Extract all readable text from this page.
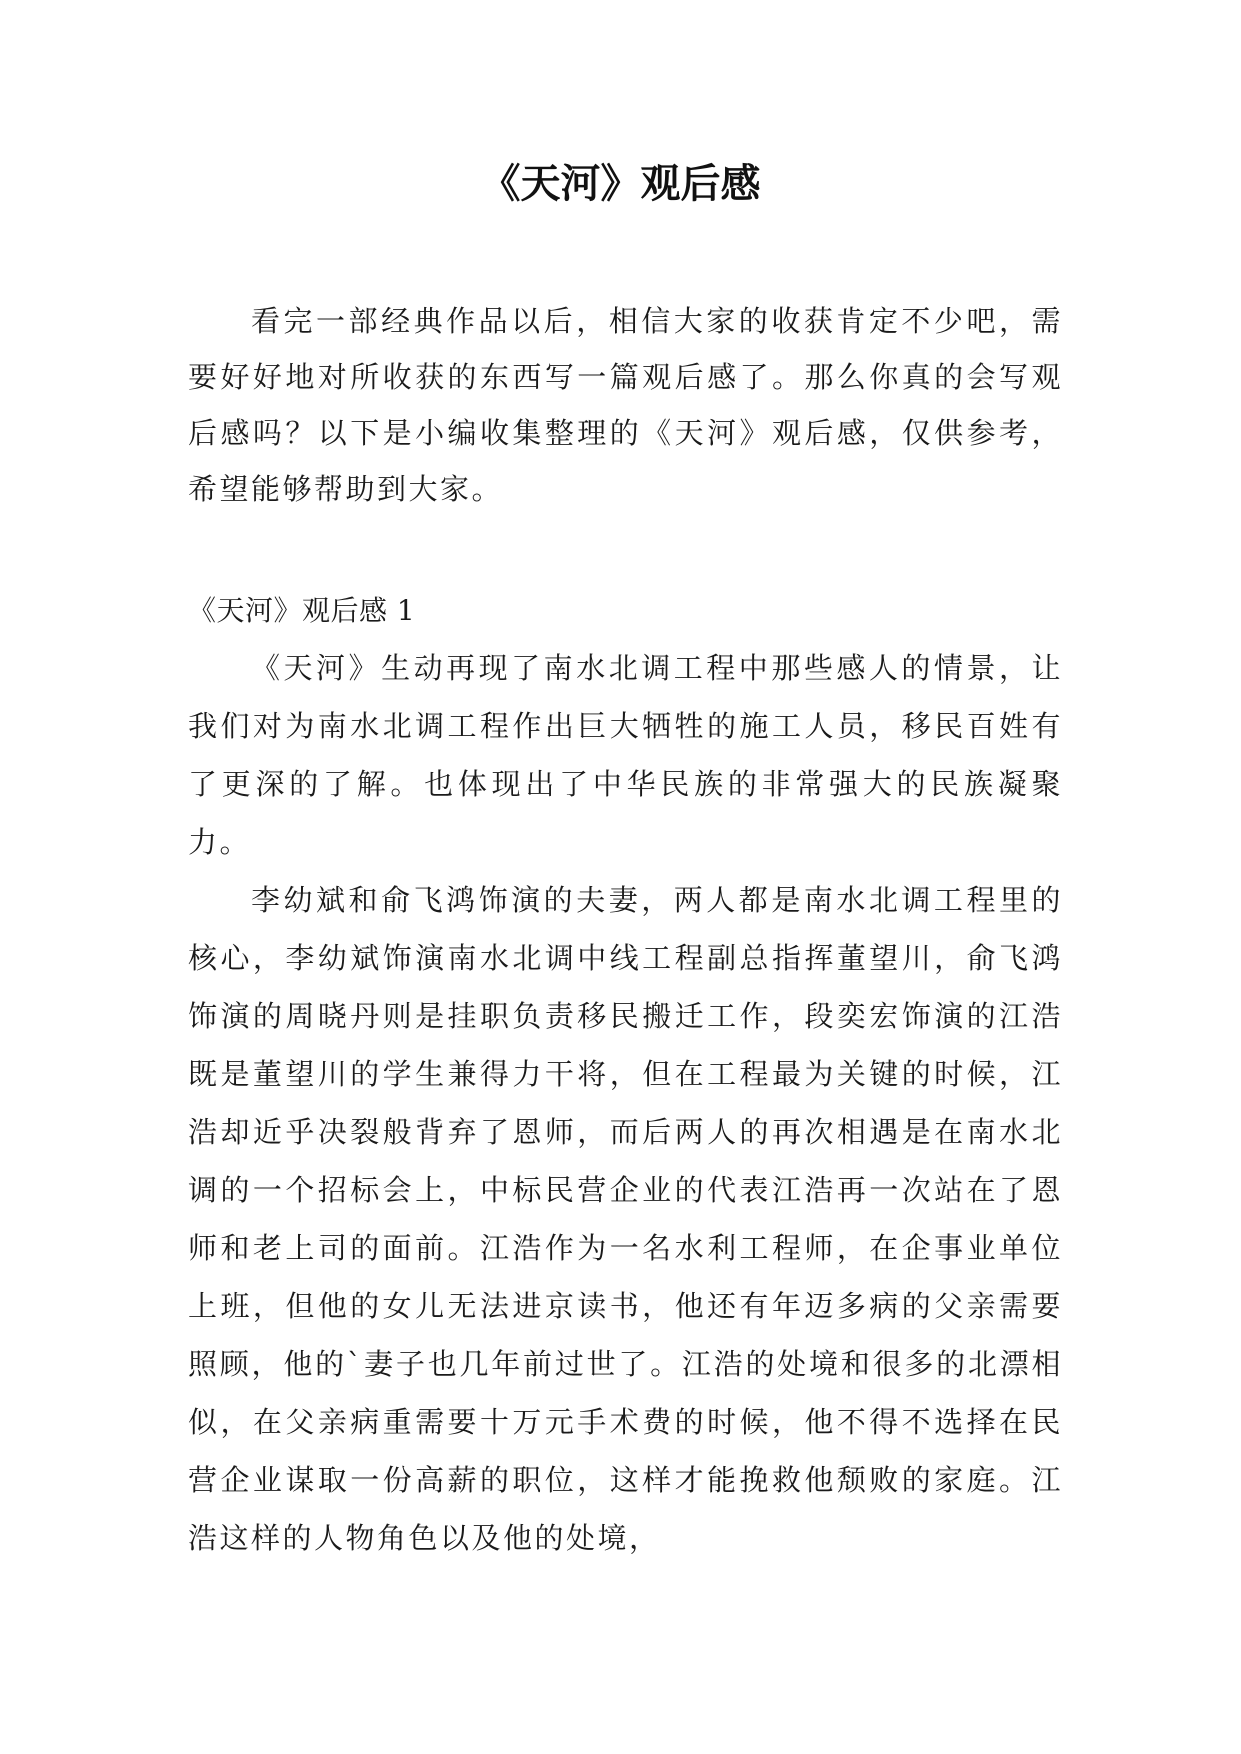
《天河》观后感

看完一部经典作品以后，相信大家的收获肯定不少吧，需要好好地对所收获的东西写一篇观后感了。那么你真的会写观后感吗？以下是小编收集整理的《天河》观后感，仅供参考，希望能够帮助到大家。

《天河》观后感 1

《天河》生动再现了南水北调工程中那些感人的情景，让我们对为南水北调工程作出巨大牺牲的施工人员，移民百姓有了更深的了解。也体现出了中华民族的非常强大的民族凝聚力。

李幼斌和俞飞鸿饰演的夫妻，两人都是南水北调工程里的核心，李幼斌饰演南水北调中线工程副总指挥董望川，俞飞鸿饰演的周晓丹则是挂职负责移民搬迁工作，段奕宏饰演的江浩既是董望川的学生兼得力干将，但在工程最为关键的时候，江浩却近乎决裂般背弃了恩师，而后两人的再次相遇是在南水北调的一个招标会上，中标民营企业的代表江浩再一次站在了恩师和老上司的面前。江浩作为一名水利工程师，在企事业单位上班，但他的女儿无法进京读书，他还有年迈多病的父亲需要照顾，他的`妻子也几年前过世了。江浩的处境和很多的北漂相似，在父亲病重需要十万元手术费的时候，他不得不选择在民营企业谋取一份高薪的职位，这样才能挽救他颓败的家庭。江浩这样的人物角色以及他的处境，
